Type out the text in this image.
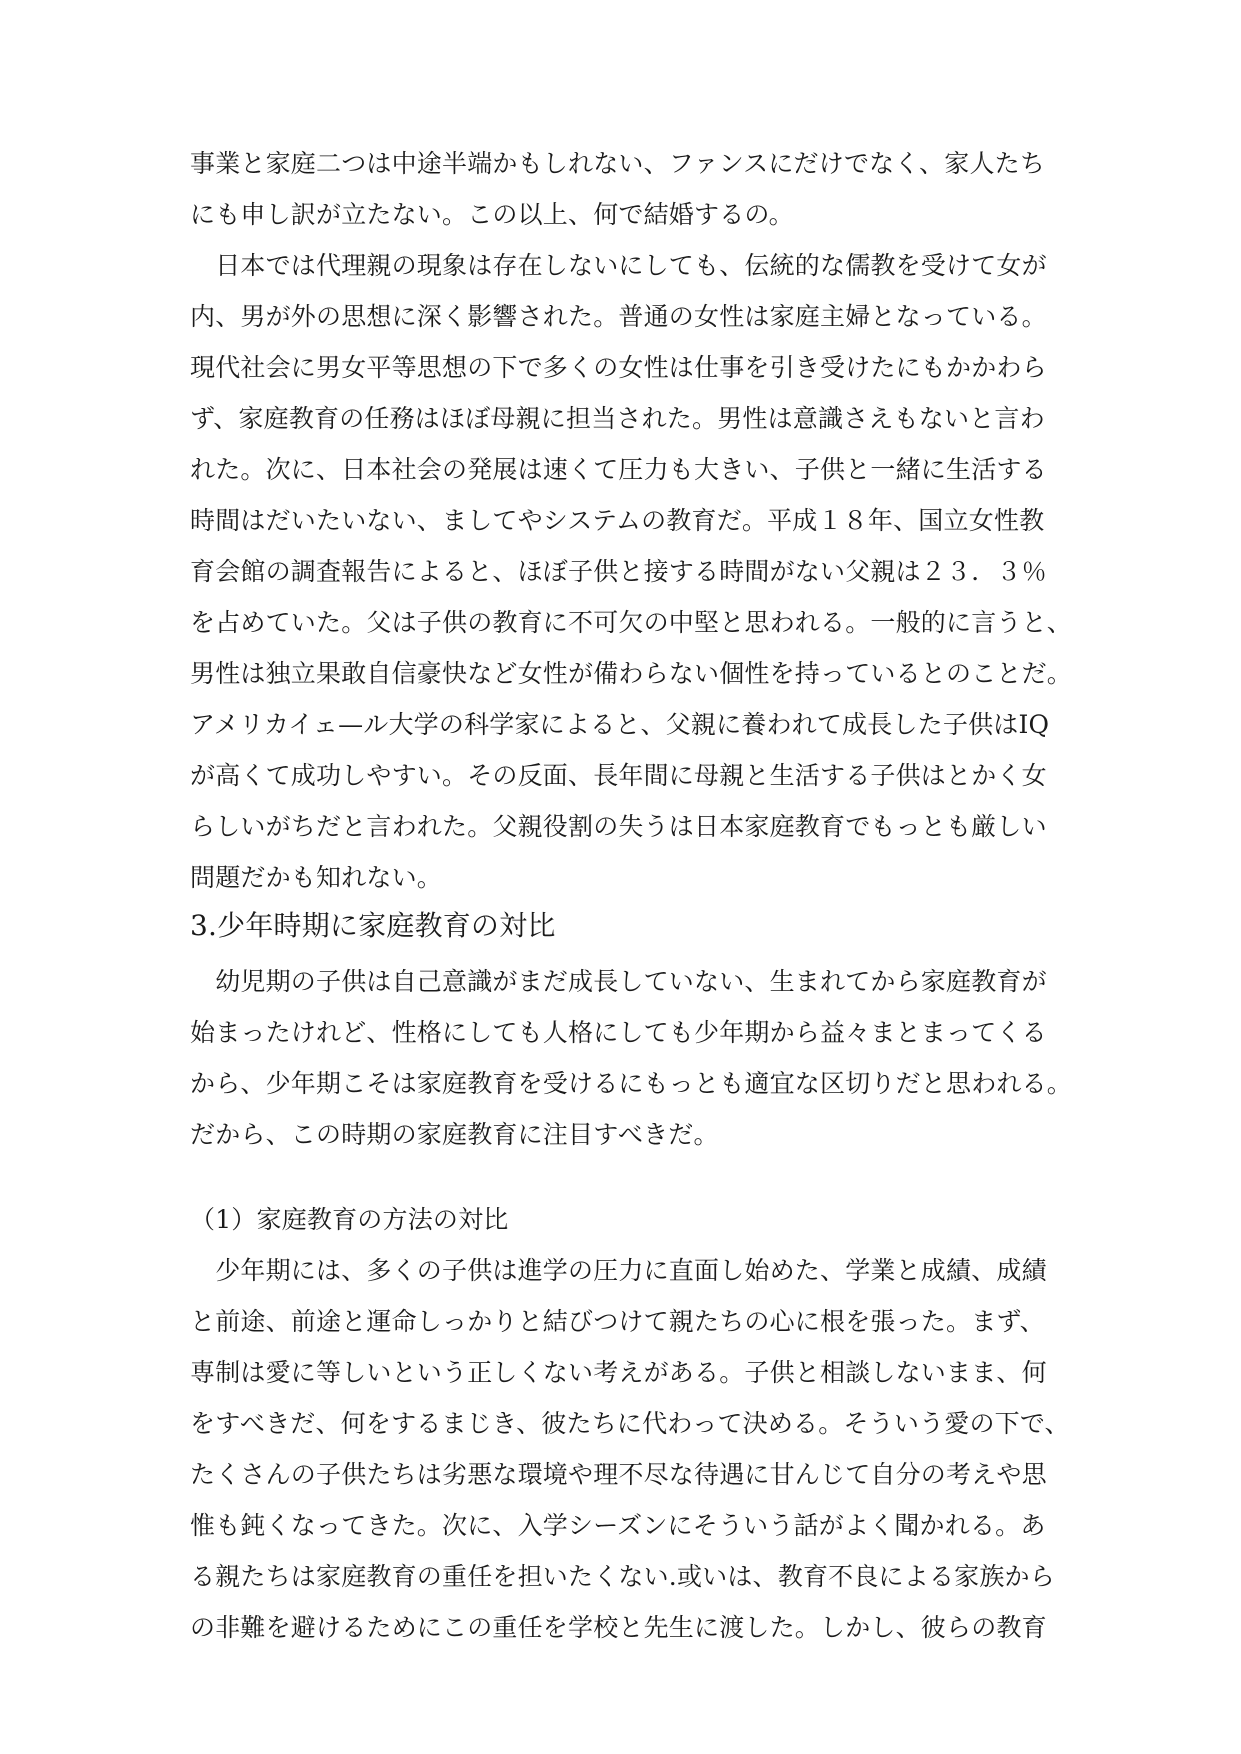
事業と家庭二つは中途半端かもしれない、ファンスにだけでなく、家人たち
にも申し訳が立たない。この以上、何で結婚するの。
　日本では代理親の現象は存在しないにしても、伝統的な儒教を受けて女が
内、男が外の思想に深く影響された。普通の女性は家庭主婦となっている。
現代社会に男女平等思想の下で多くの女性は仕事を引き受けたにもかかわら
ず、家庭教育の任務はほぼ母親に担当された。男性は意識さえもないと言わ
れた。次に、日本社会の発展は速くて圧力も大きい、子供と一緒に生活する
時間はだいたいない、ましてやシステムの教育だ。平成１８年、国立女性教
育会館の調査報告によると、ほぼ子供と接する時間がない父親は２３．３％
を占めていた。父は子供の教育に不可欠の中堅と思われる。一般的に言うと、
男性は独立果敢自信豪快など女性が備わらない個性を持っているとのことだ。
アメリカイェ—ル大学の科学家によると、父親に養われて成長した子供はIQ
が高くて成功しやすい。その反面、長年間に母親と生活する子供はとかく女
らしいがちだと言われた。父親役割の失うは日本家庭教育でもっとも厳しい
問題だかも知れない。
3.少年時期に家庭教育の対比
　幼児期の子供は自己意識がまだ成長していない、生まれてから家庭教育が
始まったけれど、性格にしても人格にしても少年期から益々まとまってくる
から、少年期こそは家庭教育を受けるにもっとも適宜な区切りだと思われる。
だから、この時期の家庭教育に注目すべきだ。
（1）家庭教育の方法の対比
　少年期には、多くの子供は進学の圧力に直面し始めた、学業と成績、成績
と前途、前途と運命しっかりと結びつけて親たちの心に根を張った。まず、
専制は愛に等しいという正しくない考えがある。子供と相談しないまま、何
をすべきだ、何をするまじき、彼たちに代わって決める。そういう愛の下で、
たくさんの子供たちは劣悪な環境や理不尽な待遇に甘んじて自分の考えや思
惟も鈍くなってきた。次に、入学シーズンにそういう話がよく聞かれる。あ
る親たちは家庭教育の重任を担いたくない.或いは、教育不良による家族から
の非難を避けるためにこの重任を学校と先生に渡した。しかし、彼らの教育
